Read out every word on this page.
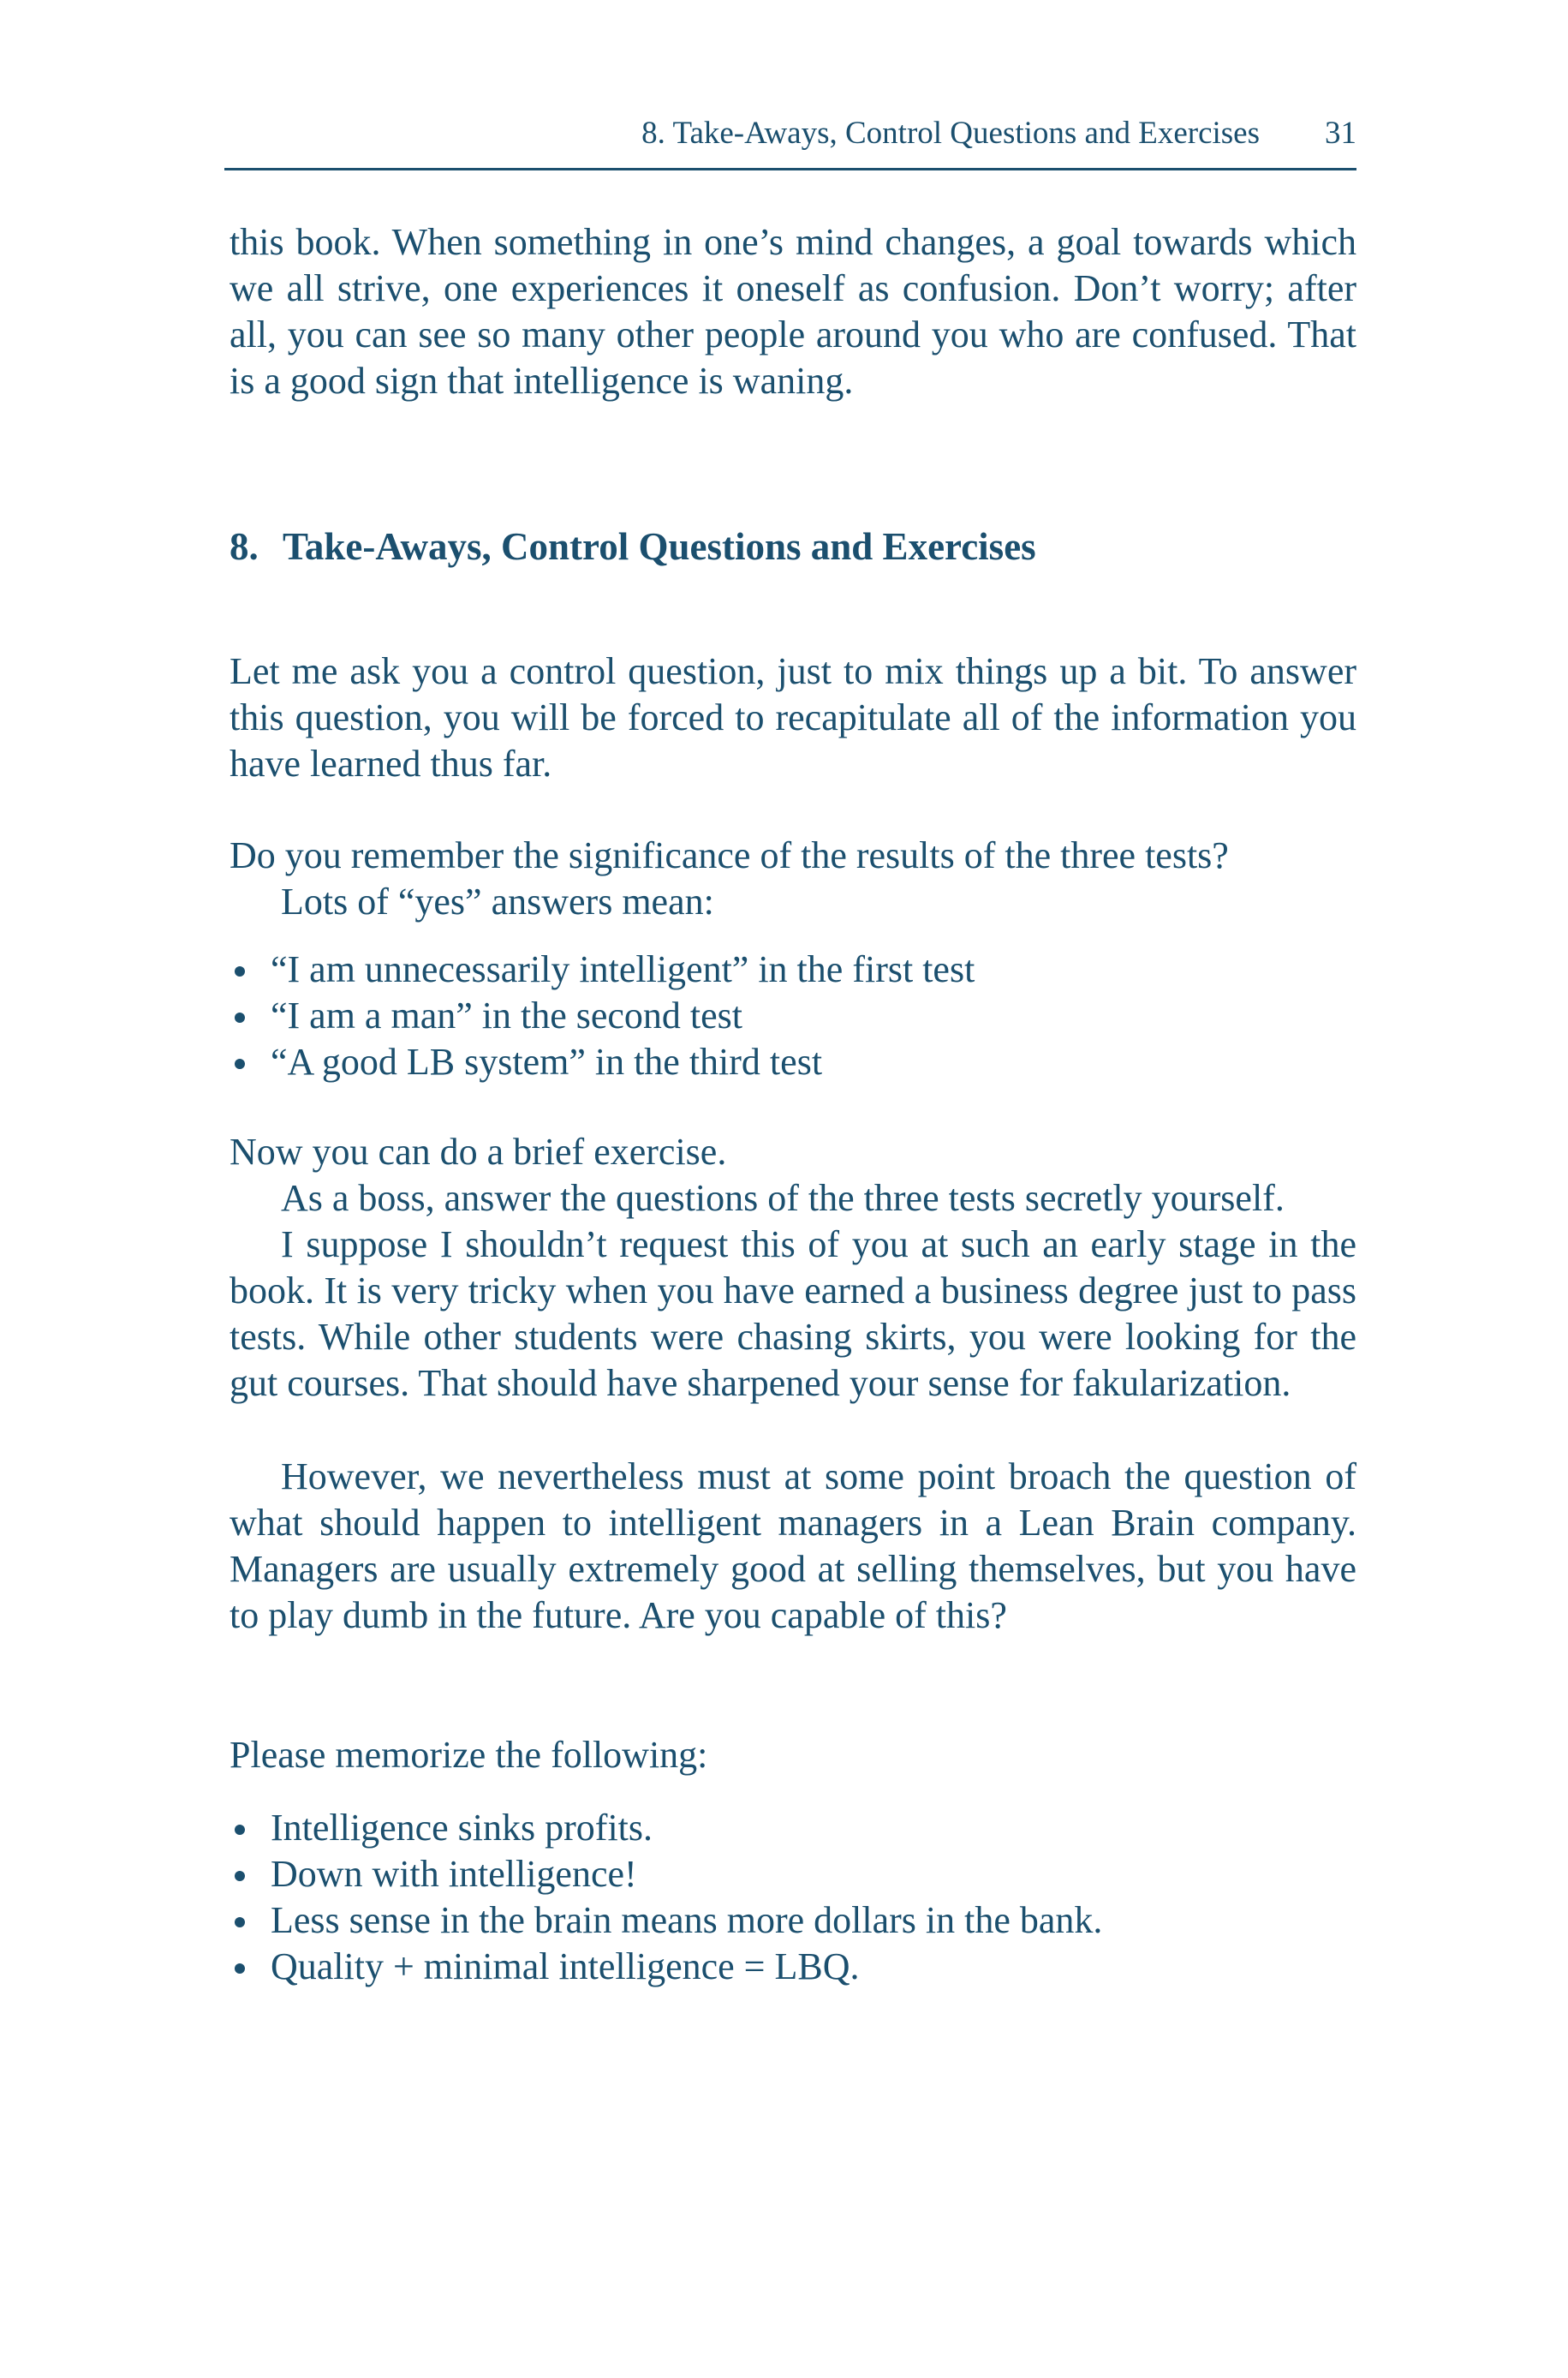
8. Take-Aways, Control Questions and Exercises 31

this book. When something in one’s mind changes, a goal towards which we all strive, one experiences it oneself as confusion. Don’t worry; after all, you can see so many other people around you who are confused. That is a good sign that intelligence is waning.

8. Take-Aways, Control Questions and Exercises

Let me ask you a control question, just to mix things up a bit. To answer this question, you will be forced to recapitulate all of the information you have learned thus far.

Do you remember the significance of the results of the three tests?

Lots of “yes” answers mean:

“I am unnecessarily intelligent” in the first test
“I am a man” in the second test
“A good LB system” in the third test

Now you can do a brief exercise.

As a boss, answer the questions of the three tests secretly yourself.

I suppose I shouldn’t request this of you at such an early stage in the book. It is very tricky when you have earned a business degree just to pass tests. While other students were chasing skirts, you were looking for the gut courses. That should have sharpened your sense for fakularization.

However, we nevertheless must at some point broach the question of what should happen to intelligent managers in a Lean Brain company. Managers are usually extremely good at selling themselves, but you have to play dumb in the future. Are you capable of this?

Please memorize the following:

Intelligence sinks profits.
Down with intelligence!
Less sense in the brain means more dollars in the bank.
Quality + minimal intelligence = LBQ.
